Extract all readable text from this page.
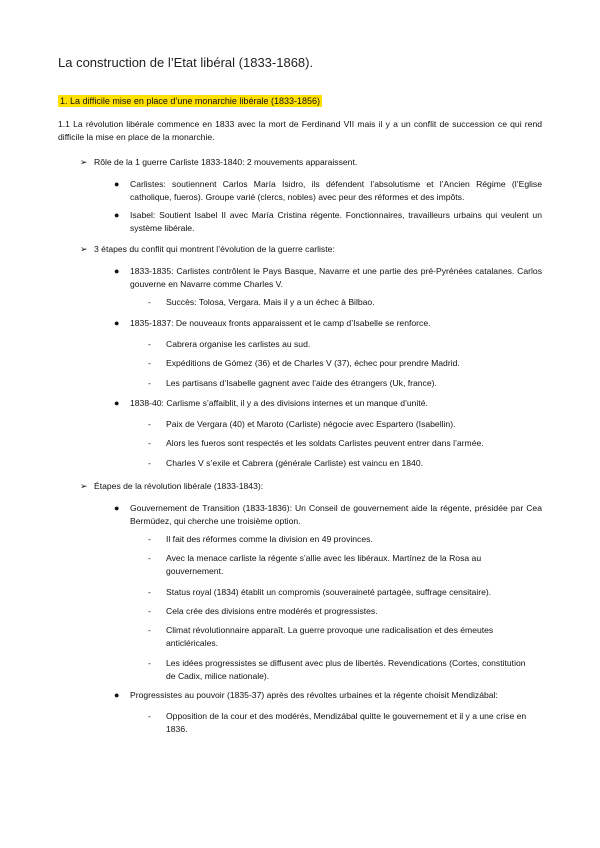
La construction de l’Etat libéral (1833-1868).
1. La difficile mise en place d’une monarchie libérale (1833-1856)
1.1 La révolution libérale commence en 1833 avec la mort de Ferdinand VII mais il y a un conflit de succession ce qui rend difficile la mise en place de la monarchie.
➢ Rôle de la 1 guerre Carliste 1833-1840: 2 mouvements apparaissent.
● Carlistes: soutiennent Carlos María Isidro, ils défendent l’absolutisme et l’Ancien Régime (l’Eglise catholique, fueros). Groupe varié (clercs, nobles) avec peur des réformes et des impôts.
● Isabel: Soutient Isabel II avec María Cristina régente. Fonctionnaires, travailleurs urbains qui veulent un système libérale.
➢ 3 étapes du conflit qui montrent l’évolution de la guerre carliste:
● 1833-1835: Carlistes contrôlent le Pays Basque, Navarre et une partie des pré-Pyrénées catalanes. Carlos gouverne en Navarre comme Charles V.
- Succès: Tolosa, Vergara. Mais il y a un échec à Bilbao.
● 1835-1837: De nouveaux fronts apparaissent et le camp d’Isabelle se renforce.
- Cabrera organise les carlistes au sud.
- Expéditions de Gómez (36) et de Charles V (37), échec pour prendre Madrid.
- Les partisans d’Isabelle gagnent avec l’aide des étrangers (Uk, france).
● 1838-40: Carlisme s’affaiblit, il y a des divisions internes et un manque d’unité.
- Paix de Vergara (40) et Maroto (Carliste) négocie avec Espartero (Isabellin).
- Alors les fueros sont respectés et les soldats Carlistes peuvent entrer dans l’armée.
- Charles V s’exile et Cabrera (générale Carliste) est vaincu en 1840.
➢ Étapes de la révolution libérale (1833-1843):
● Gouvernement de Transition (1833-1836): Un Conseil de gouvernement aide la régente, présidée par Cea Bermúdez, qui cherche une troisième option.
- Il fait des réformes comme la division en 49 provinces.
- Avec la menace carliste la régente s’allie avec les libéraux. Martínez de la Rosa au gouvernement.
- Status royal (1834) établit un compromis (souveraineté partagée, suffrage censitaire).
- Cela crée des divisions entre modérés et progressistes.
- Climat révolutionnaire apparaît. La guerre provoque une radicalisation et des émeutes anticléricales.
- Les idées progressistes se diffusent avec plus de libertés. Revendications (Cortes, constitution de Cadix, milice nationale).
● Progressistes au pouvoir (1835-37) après des révoltes urbaines et la régente choisit Mendizábal:
- Opposition de la cour et des modérés, Mendizábal quitte le gouvernement et il y a une crise en 1836.
